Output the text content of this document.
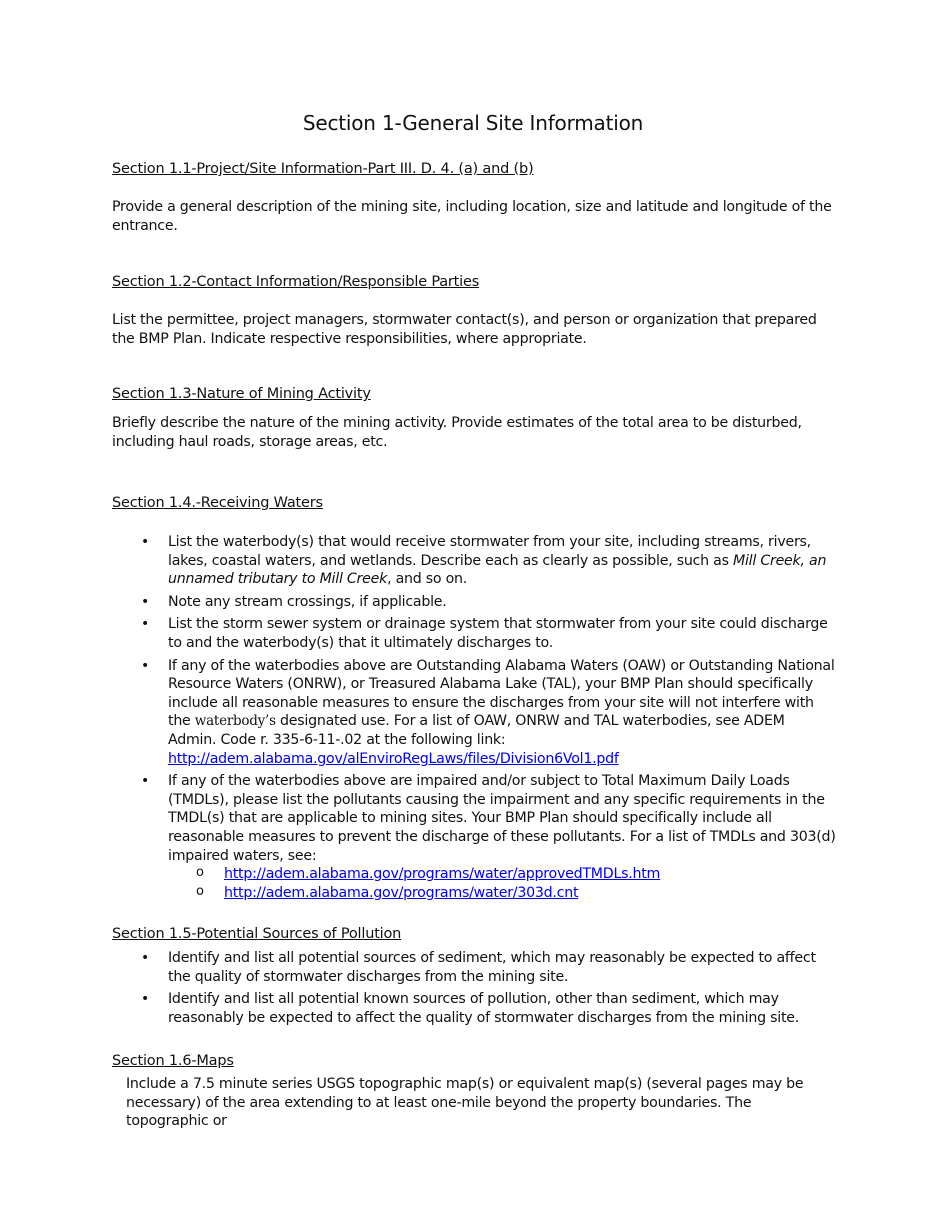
Section 1-General Site Information
Section 1.1-Project/Site Information-Part III. D. 4. (a) and (b)
Provide a general description of the mining site, including location, size and latitude and longitude of the entrance.
Section 1.2-Contact Information/Responsible Parties
List the permittee, project managers, stormwater contact(s), and person or organization that prepared the BMP Plan. Indicate respective responsibilities, where appropriate.
Section 1.3-Nature of Mining Activity
Briefly describe the nature of the mining activity. Provide estimates of the total area to be disturbed, including haul roads, storage areas, etc.
Section 1.4.-Receiving Waters
• List the waterbody(s) that would receive stormwater from your site, including streams, rivers, lakes, coastal waters, and wetlands. Describe each as clearly as possible, such as Mill Creek, an unnamed tributary to Mill Creek, and so on.
• Note any stream crossings, if applicable.
• List the storm sewer system or drainage system that stormwater from your site could discharge to and the waterbody(s) that it ultimately discharges to.
• If any of the waterbodies above are Outstanding Alabama Waters (OAW) or Outstanding National Resource Waters (ONRW), or Treasured Alabama Lake (TAL), your BMP Plan should specifically include all reasonable measures to ensure the discharges from your site will not interfere with the waterbody’s designated use. For a list of OAW, ONRW and TAL waterbodies, see ADEM Admin. Code r. 335-6-11-.02 at the following link:
http://adem.alabama.gov/alEnviroRegLaws/files/Division6Vol1.pdf
• If any of the waterbodies above are impaired and/or subject to Total Maximum Daily Loads (TMDLs), please list the pollutants causing the impairment and any specific requirements in the TMDL(s) that are applicable to mining sites. Your BMP Plan should specifically include all reasonable measures to prevent the discharge of these pollutants. For a list of TMDLs and 303(d) impaired waters, see:
o http://adem.alabama.gov/programs/water/approvedTMDLs.htm
o http://adem.alabama.gov/programs/water/303d.cnt
Section 1.5-Potential Sources of Pollution
• Identify and list all potential sources of sediment, which may reasonably be expected to affect the quality of stormwater discharges from the mining site.
• Identify and list all potential known sources of pollution, other than sediment, which may reasonably be expected to affect the quality of stormwater discharges from the mining site.
Section 1.6-Maps
Include a 7.5 minute series USGS topographic map(s) or equivalent map(s) (several pages may be necessary) of the area extending to at least one-mile beyond the property boundaries. The topographic or
